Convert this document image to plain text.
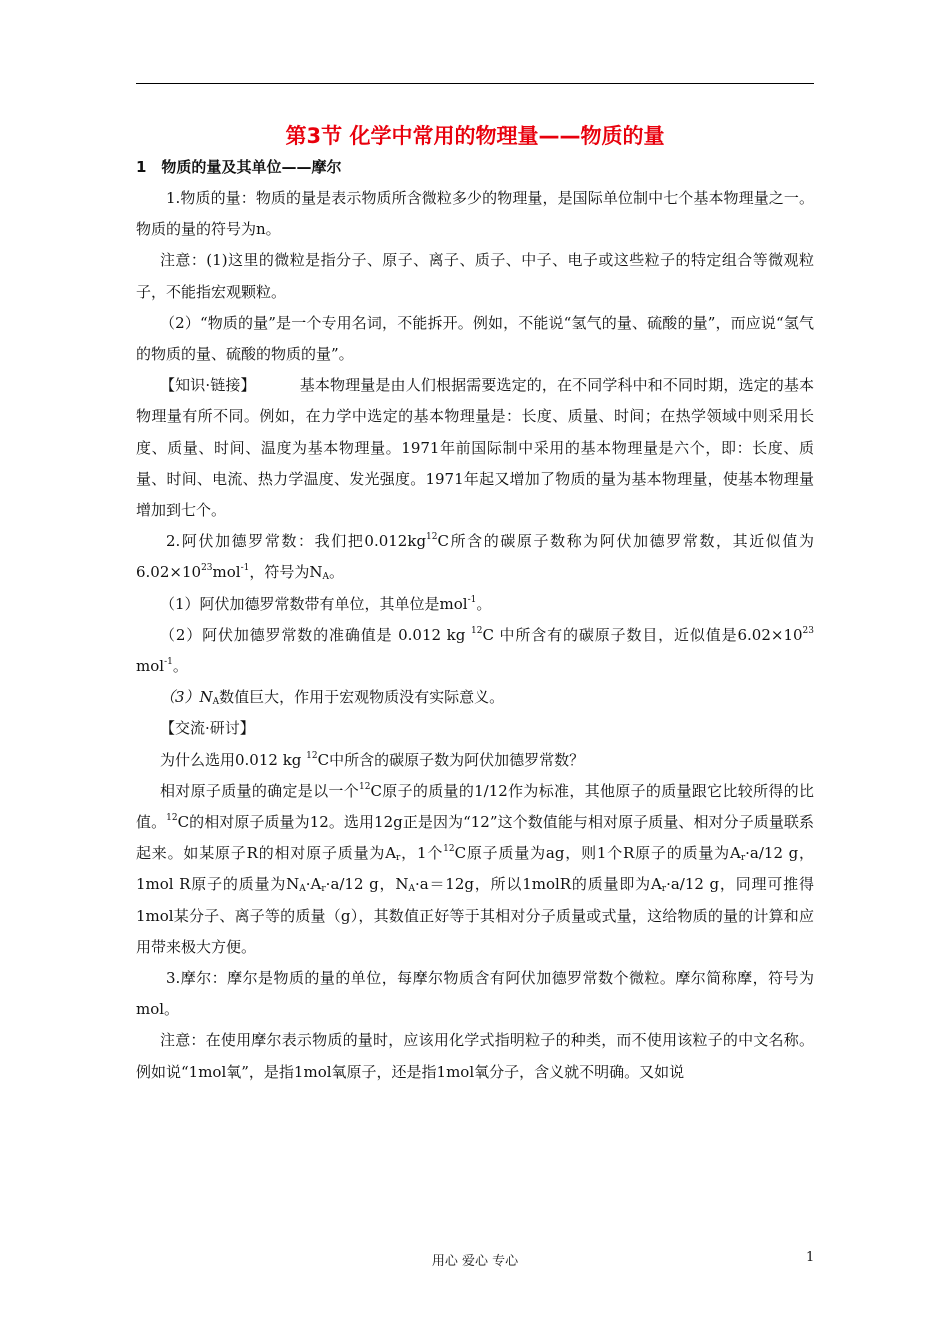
第3节 化学中常用的物理量——物质的量
1　物质的量及其单位——摩尔

1.物质的量：物质的量是表示物质所含微粒多少的物理量，是国际单位制中七个基本物理量之一。物质的量的符号为n。

注意：(1)这里的微粒是指分子、原子、离子、质子、中子、电子或这些粒子的特定组合等微观粒子，不能指宏观颗粒。

（2）“物质的量”是一个专用名词，不能拆开。例如，不能说“氢气的量、硫酸的量”，而应说“氢气的物质的量、硫酸的物质的量”。

【知识·链接】	基本物理量是由人们根据需要选定的，在不同学科中和不同时期，选定的基本物理量有所不同。例如，在力学中选定的基本物理量是：长度、质量、时间；在热学领域中则采用长度、质量、时间、温度为基本物理量。1971年前国际制中采用的基本物理量是六个，即：长度、质量、时间、电流、热力学温度、发光强度。1971年起又增加了物质的量为基本物理量，使基本物理量增加到七个。

2.阿伏加德罗常数：我们把$0.012kg^{12}C$所含的碳原子数称为阿伏加德罗常数，其近似值为$6.02\times 10^{23}mol^{-1}$，符号为$N_A$。

（1）阿伏加德罗常数带有单位，其单位是mol$^{-1}$。

（2）阿伏加德罗常数的准确值是 0.012 kg $^{12}$C 中所含有的碳原子数目，近似值是$6.02\times 10^{23}$ mol$^{-1}$。

$(3)N_A$数值巨大，作用于宏观物质没有实际意义。

【交流·研讨】

为什么选用0.012 kg $^{12}$C中所含的碳原子数为阿伏加德罗常数？

相对原子质量的确定是以一个$^{12}$C原子的质量的1/12作为标准，其他原子的质量跟它比较所得的比值。$^{12}$C的相对原子质量为12。选用12g正是因为“12”这个数值能与相对原子质量、相对分子质量联系起来。如某原子R的相对原子质量为$A_r$，1个$^{12}$C原子质量为ag，则1个R原子的质量为$A_r\cdot a/12$ g，1mol R原子的质量为$N_A\cdot A_r\cdot a/12$ g，$N_A\cdot a=12g$，所以1molR的质量即为$A_r\cdot a/12$ g，同理可推得1mol某分子、离子等的质量（g），其数值正好等于其相对分子质量或式量，这给物质的量的计算和应用带来极大方便。

3.摩尔：摩尔是物质的量的单位，每摩尔物质含有阿伏加德罗常数个微粒。摩尔简称摩，符号为mol。

注意：在使用摩尔表示物质的量时，应该用化学式指明粒子的种类，而不使用该粒子的中文名称。例如说“1mol氧”，是指1mol氧原子，还是指1mol氧分子，含义就不明确。又如说

用心 爱心 专心	1
